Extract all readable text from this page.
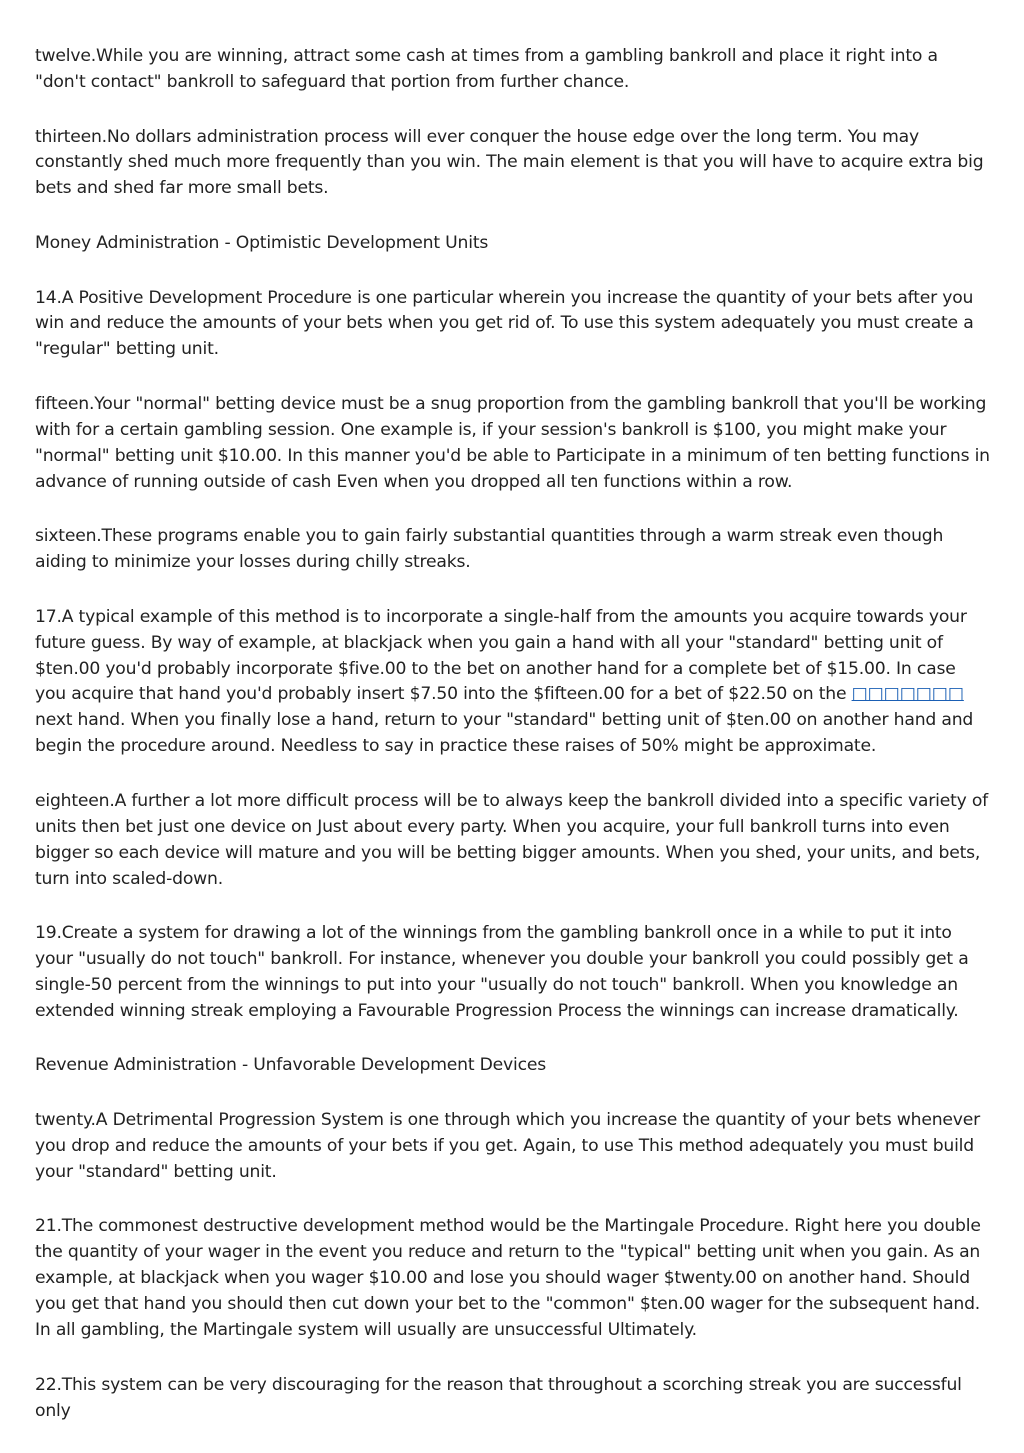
twelve.While you are winning, attract some cash at times from a gambling bankroll and place it right into a "don't contact" bankroll to safeguard that portion from further chance.

thirteen.No dollars administration process will ever conquer the house edge over the long term. You may constantly shed much more frequently than you win. The main element is that you will have to acquire extra big bets and shed far more small bets.

Money Administration - Optimistic Development Units

14.A Positive Development Procedure is one particular wherein you increase the quantity of your bets after you win and reduce the amounts of your bets when you get rid of. To use this system adequately you must create a "regular" betting unit.

fifteen.Your "normal" betting device must be a snug proportion from the gambling bankroll that you'll be working with for a certain gambling session. One example is, if your session's bankroll is $100, you might make your "normal" betting unit $10.00. In this manner you'd be able to Participate in a minimum of ten betting functions in advance of running outside of cash Even when you dropped all ten functions within a row.

sixteen.These programs enable you to gain fairly substantial quantities through a warm streak even though aiding to minimize your losses during chilly streaks.

17.A typical example of this method is to incorporate a single-half from the amounts you acquire towards your future guess. By way of example, at blackjack when you gain a hand with all your "standard" betting unit of $ten.00 you'd probably incorporate $five.00 to the bet on another hand for a complete bet of $15.00. In case you acquire that hand you'd probably insert $7.50 into the $fifteen.00 for a bet of $22.50 on the □□□□□□□ next hand. When you finally lose a hand, return to your "standard" betting unit of $ten.00 on another hand and begin the procedure around. Needless to say in practice these raises of 50% might be approximate.

eighteen.A further a lot more difficult process will be to always keep the bankroll divided into a specific variety of units then bet just one device on Just about every party. When you acquire, your full bankroll turns into even bigger so each device will mature and you will be betting bigger amounts. When you shed, your units, and bets, turn into scaled-down.

19.Create a system for drawing a lot of the winnings from the gambling bankroll once in a while to put it into your "usually do not touch" bankroll. For instance, whenever you double your bankroll you could possibly get a single-50 percent from the winnings to put into your "usually do not touch" bankroll. When you knowledge an extended winning streak employing a Favourable Progression Process the winnings can increase dramatically.

Revenue Administration - Unfavorable Development Devices

twenty.A Detrimental Progression System is one through which you increase the quantity of your bets whenever you drop and reduce the amounts of your bets if you get. Again, to use This method adequately you must build your "standard" betting unit.

21.The commonest destructive development method would be the Martingale Procedure. Right here you double the quantity of your wager in the event you reduce and return to the "typical" betting unit when you gain. As an example, at blackjack when you wager $10.00 and lose you should wager $twenty.00 on another hand. Should you get that hand you should then cut down your bet to the "common" $ten.00 wager for the subsequent hand. In all gambling, the Martingale system will usually are unsuccessful Ultimately.

22.This system can be very discouraging for the reason that throughout a scorching streak you are successful only
